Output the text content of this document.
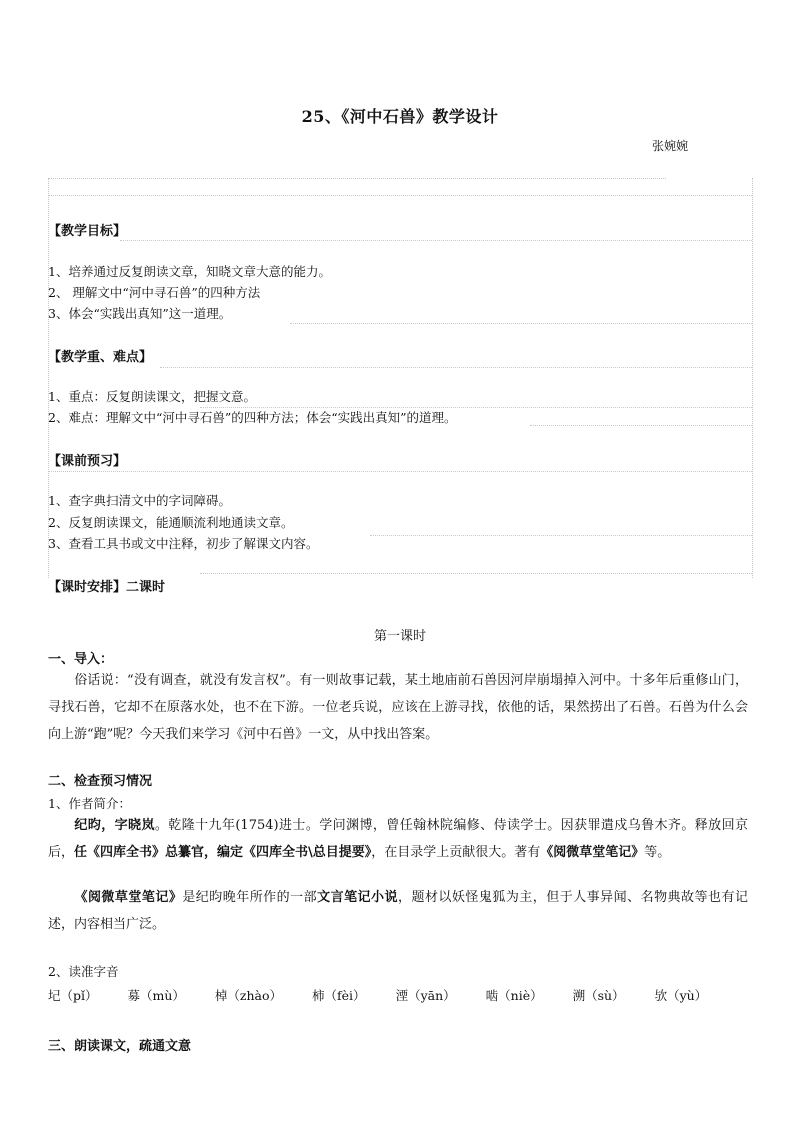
25、《河中石兽》教学设计
张婉婉
【教学目标】
1、培养通过反复朗读文章，知晓文章大意的能力。
2、 理解文中“河中寻石兽”的四种方法
3、体会“实践出真知”这一道理。
【教学重、难点】
1、重点：反复朗读课文，把握文意。
2、难点：理解文中“河中寻石兽”的四种方法；体会“实践出真知”的道理。
【课前预习】
1、查字典扫清文中的字词障碍。
2、反复朗读课文，能通顺流利地通读文章。
3、查看工具书或文中注释，初步了解课文内容。
【课时安排】二课时
第一课时
一、导入：
俗话说：“没有调查，就没有发言权”。有一则故事记载，某土地庙前石兽因河岸崩塌掉入河中。十多年后重修山门，寻找石兽，它却不在原落水处，也不在下游。一位老兵说，应该在上游寻找，依他的话，果然捞出了石兽。石兽为什么会向上游“跑”呢？今天我们来学习《河中石兽》一文，从中找出答案。
二、检查预习情况
1、作者简介：
纪昀，字晓岚。乾隆十九年(1754)进士。学问渊博，曾任翰林院编修、侍读学士。因获罪遣戍乌鲁木齐。释放回京后，任《四库全书》总纂官，编定《四库全书\总目提要》，在目录学上贡献很大。著有《阅微草堂笔记》等。
《阅微草堂笔记》是纪昀晚年所作的一部文言笔记小说，题材以妖怪鬼狐为主，但于人事异闻、名物典故等也有记述，内容相当广泛。
2、读准字音
圮（pǐ） 募（mù） 棹（zhào） 柿（fèi） 湮（yān） 啮（niè） 溯（sù） 欤（yù）
三、朗读课文，疏通文意
